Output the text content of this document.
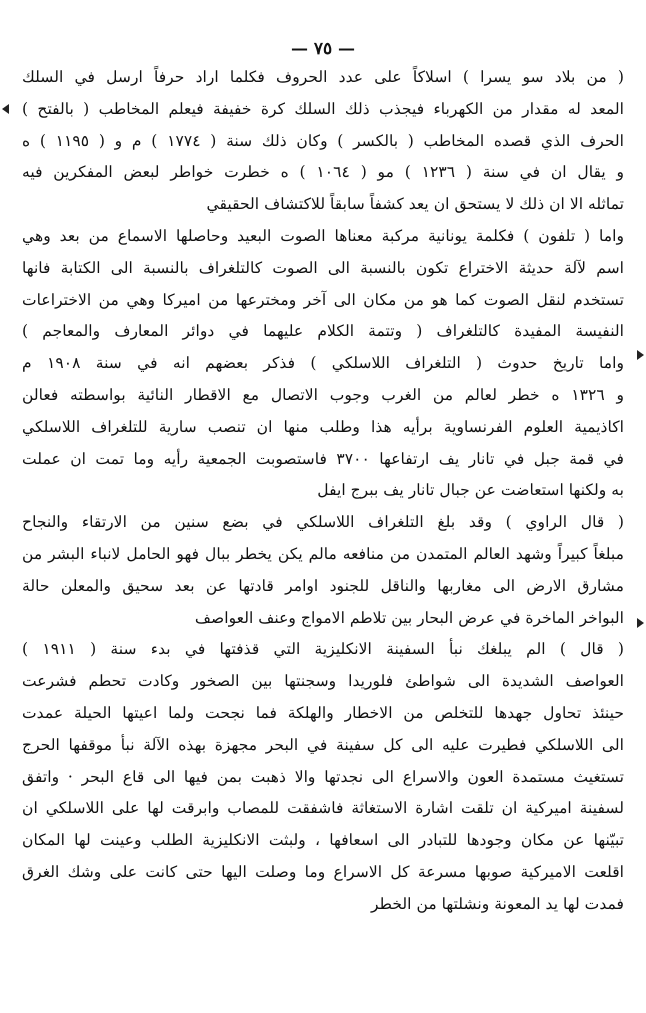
— ٧٥ —
( من بلاد سو يسرا ) اسلاكاً على عدد الحروف فكلما اراد حرفاً ارسل في السلك
المعد له مقدار من الكهرباء فيجذب ذلك السلك كرة خفيفة فيعلم المخاطب ( بالفتح )
الحرف الذي قصده المخاطب ( بالكسر ) وكان ذلك سنة ( ١٧٧٤ ) م و ( ١١٩٥ ) ه
و يقال ان في سنة ( ١٢٣٦ ) مو ( ١٠٦٤ ) ه خطرت خواطر لبعض المفكرين فيه
تماثله الا ان ذلك لا يستحق ان يعد كشفاً سابقاً للاكتشاف الحقيقي
واما ( تلفون ) فكلمة يونانية مركبة معناها الصوت البعيد وحاصلها الاسماع من بعد وهي
اسم لآلة حديثة الاختراع تكون بالنسبة الى الصوت كالتلغراف بالنسبة الى الكتابة فانها
تستخدم لنقل الصوت كما هو من مكان الى آخر ومخترعها من اميركا وهي من الاختراعات
النفيسة المفيدة كالتلغراف ( وتتمة الكلام عليهما في دوائر المعارف والمعاجم )
واما تاريخ حدوث ( التلغراف اللاسلكي ) فذكر بعضهم انه في سنة ١٩٠٨ م
و ١٣٢٦ ه خطر لعالم من الغرب وجوب الاتصال مع الاقطار النائية بواسطته فعالن
اكاذيمية العلوم الفرنساوية برأيه هذا وطلب منها ان تنصب سارية للتلغراف اللاسلكي
في قمة جبل في تانار يف ارتفاعها ٣٧٠٠ فاستصوبت الجمعية رأيه وما تمت ان عملت
به ولكنها استعاضت عن جبال تانار يف ببرج ايفل
( قال الراوي ) وقد بلغ التلغراف اللاسلكي في بضع سنين من الارتقاء والنجاح
مبلغاً كبيراً وشهد العالم المتمدن من منافعه مالم يكن يخطر ببال فهو الحامل لانباء البشر من
مشارق الارض الى مغاربها والناقل للجنود اوامر قادتها عن بعد سحيق والمعلن حالة
البواخر الماخرة في عرض البحار بين تلاطم الامواج وعنف العواصف
( قال ) الم يبلغك نبأ السفينة الانكليزية التي قذفتها في بدء سنة ( ١٩١١ )
العواصف الشديدة الى شواطئ فلوريدا وسجنتها بين الصخور وكادت تحطم فشرعت
حينئذ تحاول جهدها للتخلص من الاخطار والهلكة فما نجحت ولما اعيتها الحيلة عمدت
الى اللاسلكي فطيرت عليه الى كل سفينة في البحر مجهزة بهذه الآلة نبأ موقفها الحرج
تستغيث مستمدة العون والاسراع الى نجدتها والا ذهبت بمن فيها الى قاع البحر · واتفق
لسفينة اميركية ان تلقت اشارة الاستغاثة فاشفقت للمصاب وابرقت لها على اللاسلكي ان
تبيّنها عن مكان وجودها للتبادر الى اسعافها ، ولبثت الانكليزية الطلب وعينت لها المكان
اقلعت الاميركية صوبها مسرعة كل الاسراع وما وصلت اليها حتى كانت على وشك الغرق
فمدت لها يد المعونة ونشلتها من الخطر
